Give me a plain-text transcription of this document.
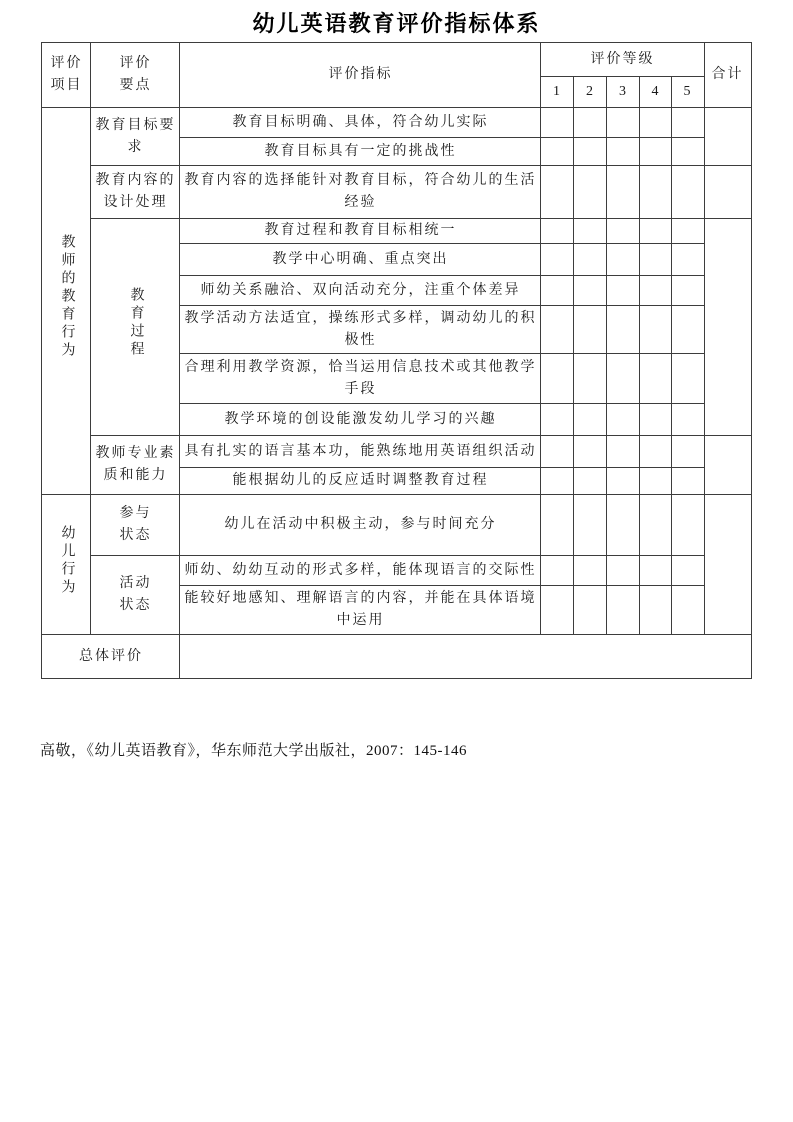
幼儿英语教育评价指标体系
评价项目	评价要点	评价指标	评价等级					合计
			1	2	3	4	5	
教师的教育行为	教育目标要求	教育目标明确、具体，符合幼儿实际						
		教育目标具有一定的挑战性						
	教育内容的设计处理	教育内容的选择能针对教育目标，符合幼儿的生活经验						
	教育过程	教育过程和教育目标相统一						
		教学中心明确、重点突出						
		师幼关系融洽、双向活动充分，注重个体差异						
		教学活动方法适宜，操练形式多样，调动幼儿的积极性						
		合理利用教学资源，恰当运用信息技术或其他教学手段						
		教学环境的创设能激发幼儿学习的兴趣						
	教师专业素质和能力	具有扎实的语言基本功，能熟练地用英语组织活动						
		能根据幼儿的反应适时调整教育过程						
幼儿行为	参与状态	幼儿在活动中积极主动，参与时间充分						
	活动状态	师幼、幼幼互动的形式多样，能体现语言的交际性						
		能较好地感知、理解语言的内容，并能在具体语境中运用						
总体评价								
高敬，《幼儿英语教育》，华东师范大学出版社，2007：145-146
